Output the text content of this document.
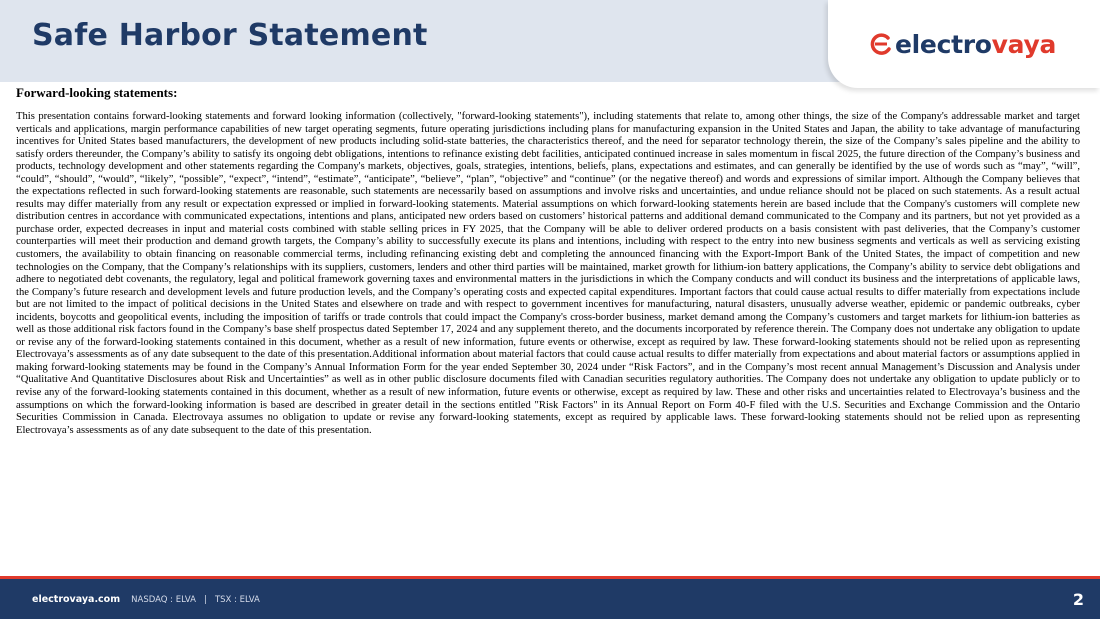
Safe Harbor Statement	electrovaya
Forward-looking statements:

This presentation contains forward-looking statements and forward looking information (collectively, "forward-looking statements"), including statements that relate to, among other things, the size of the Company's addressable market and target verticals and applications, margin performance capabilities of new target operating segments, future operating jurisdictions including plans for manufacturing expansion in the United States and Japan, the ability to take advantage of manufacturing incentives for United States based manufacturers, the development of new products including solid-state batteries, the characteristics thereof, and the need for separator technology therein, the size of the Company’s sales pipeline and the ability to satisfy orders thereunder, the Company’s ability to satisfy its ongoing debt obligations, intentions to refinance existing debt facilities, anticipated continued increase in sales momentum in fiscal 2025, the future direction of the Company’s business and products, technology development and other statements regarding the Company's markets, objectives, goals, strategies, intentions, beliefs, plans, expectations and estimates, and can generally be identified by the use of words such as “may”, “will”, “could”, “should”, “would”, “likely”, “possible”, “expect”, “intend”, “estimate”, “anticipate”, “believe”, “plan”, “objective” and “continue” (or the negative thereof) and words and expressions of similar import. Although the Company believes that the expectations reflected in such forward-looking statements are reasonable, such statements are necessarily based on assumptions and involve risks and uncertainties, and undue reliance should not be placed on such statements. As a result actual results may differ materially from any result or expectation expressed or implied in forward-looking statements. Material assumptions on which forward-looking statements herein are based include that the Company's customers will complete new distribution centres in accordance with communicated expectations, intentions and plans, anticipated new orders based on customers’ historical patterns and additional demand communicated to the Company and its partners, but not yet provided as a purchase order, expected decreases in input and material costs combined with stable selling prices in FY 2025, that the Company will be able to deliver ordered products on a basis consistent with past deliveries, that the Company’s customer counterparties will meet their production and demand growth targets, the Company’s ability to successfully execute its plans and intentions, including with respect to the entry into new business segments and verticals as well as servicing existing customers, the availability to obtain financing on reasonable commercial terms, including refinancing existing debt and completing the announced financing with the Export-Import Bank of the United States, the impact of competition and new technologies on the Company, that the Company’s relationships with its suppliers, customers, lenders and other third parties will be maintained, market growth for lithium-ion battery applications, the Company’s ability to service debt obligations and adhere to negotiated debt covenants, the regulatory, legal and political framework governing taxes and environmental matters in the jurisdictions in which the Company conducts and will conduct its business and the interpretations of applicable laws, the Company’s future research and development levels and future production levels, and the Company’s operating costs and expected capital expenditures. Important factors that could cause actual results to differ materially from expectations include but are not limited to the impact of political decisions in the United States and elsewhere on trade and with respect to government incentives for manufacturing, natural disasters, unusually adverse weather, epidemic or pandemic outbreaks, cyber incidents, boycotts and geopolitical events, including the imposition of tariffs or trade controls that could impact the Company's cross-border business, market demand among the Company’s customers and target markets for lithium-ion batteries as well as those additional risk factors found in the Company’s base shelf prospectus dated September 17, 2024 and any supplement thereto, and the documents incorporated by reference therein. The Company does not undertake any obligation to update or revise any of the forward-looking statements contained in this document, whether as a result of new information, future events or otherwise, except as required by law. These forward-looking statements should not be relied upon as representing Electrovaya’s assessments as of any date subsequent to the date of this presentation.Additional information about material factors that could cause actual results to differ materially from expectations and about material factors or assumptions applied in making forward-looking statements may be found in the Company’s Annual Information Form for the year ended September 30, 2024 under “Risk Factors”, and in the Company’s most recent annual Management’s Discussion and Analysis under “Qualitative And Quantitative Disclosures about Risk and Uncertainties” as well as in other public disclosure documents filed with Canadian securities regulatory authorities. The Company does not undertake any obligation to update publicly or to revise any of the forward-looking statements contained in this document, whether as a result of new information, future events or otherwise, except as required by law. These and other risks and uncertainties related to Electrovaya’s business and the assumptions on which the forward-looking information is based are described in greater detail in the sections entitled "Risk Factors" in its Annual Report on Form 40-F filed with the U.S. Securities and Exchange Commission and the Ontario Securities Commission in Canada. Electrovaya assumes no obligation to update or revise any forward-looking statements, except as required by applicable laws. These forward-looking statements should not be relied upon as representing Electrovaya’s assessments as of any date subsequent to the date of this presentation.

electrovaya.com NASDAQ : ELVA | TSX : ELVA	2
